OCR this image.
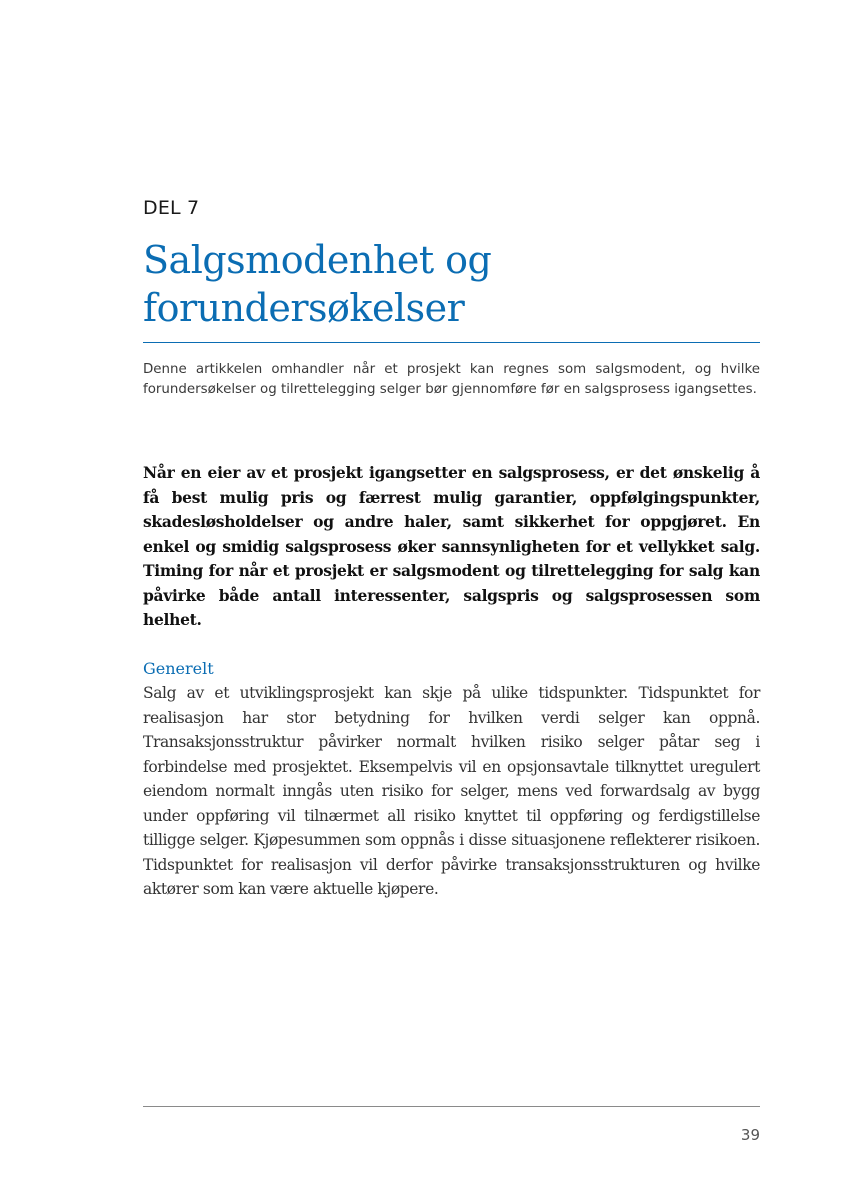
DEL 7
Salgsmodenhet og forundersøkelser

Denne artikkelen omhandler når et prosjekt kan regnes som salgsmodent, og hvilke forundersøkelser og tilrettelegging selger bør gjennomføre før en salgsprosess igangsettes.

Når en eier av et prosjekt igangsetter en salgsprosess, er det ønskelig å få best mulig pris og færrest mulig garantier, oppfølgingspunkter, skadesløsholdelser og andre haler, samt sikkerhet for oppgjøret. En enkel og smidig salgsprosess øker sannsynligheten for et vellykket salg. Timing for når et prosjekt er salgsmodent og tilrettelegging for salg kan påvirke både antall interessenter, salgspris og salgsprosessen som helhet.

Generelt

Salg av et utviklingsprosjekt kan skje på ulike tidspunkter. Tidspunktet for realisasjon har stor betydning for hvilken verdi selger kan oppnå. Transaksjonsstruktur påvirker normalt hvilken risiko selger påtar seg i forbindelse med prosjektet. Eksempelvis vil en opsjonsavtale tilknyttet uregulert eiendom normalt inngås uten risiko for selger, mens ved forwardsalg av bygg under oppføring vil tilnærmet all risiko knyttet til oppføring og ferdigstillelse tilligge selger. Kjøpesummen som oppnås i disse situasjonene reflekterer risikoen. Tidspunktet for realisasjon vil derfor påvirke transaksjonsstrukturen og hvilke aktører som kan være aktuelle kjøpere.

39
